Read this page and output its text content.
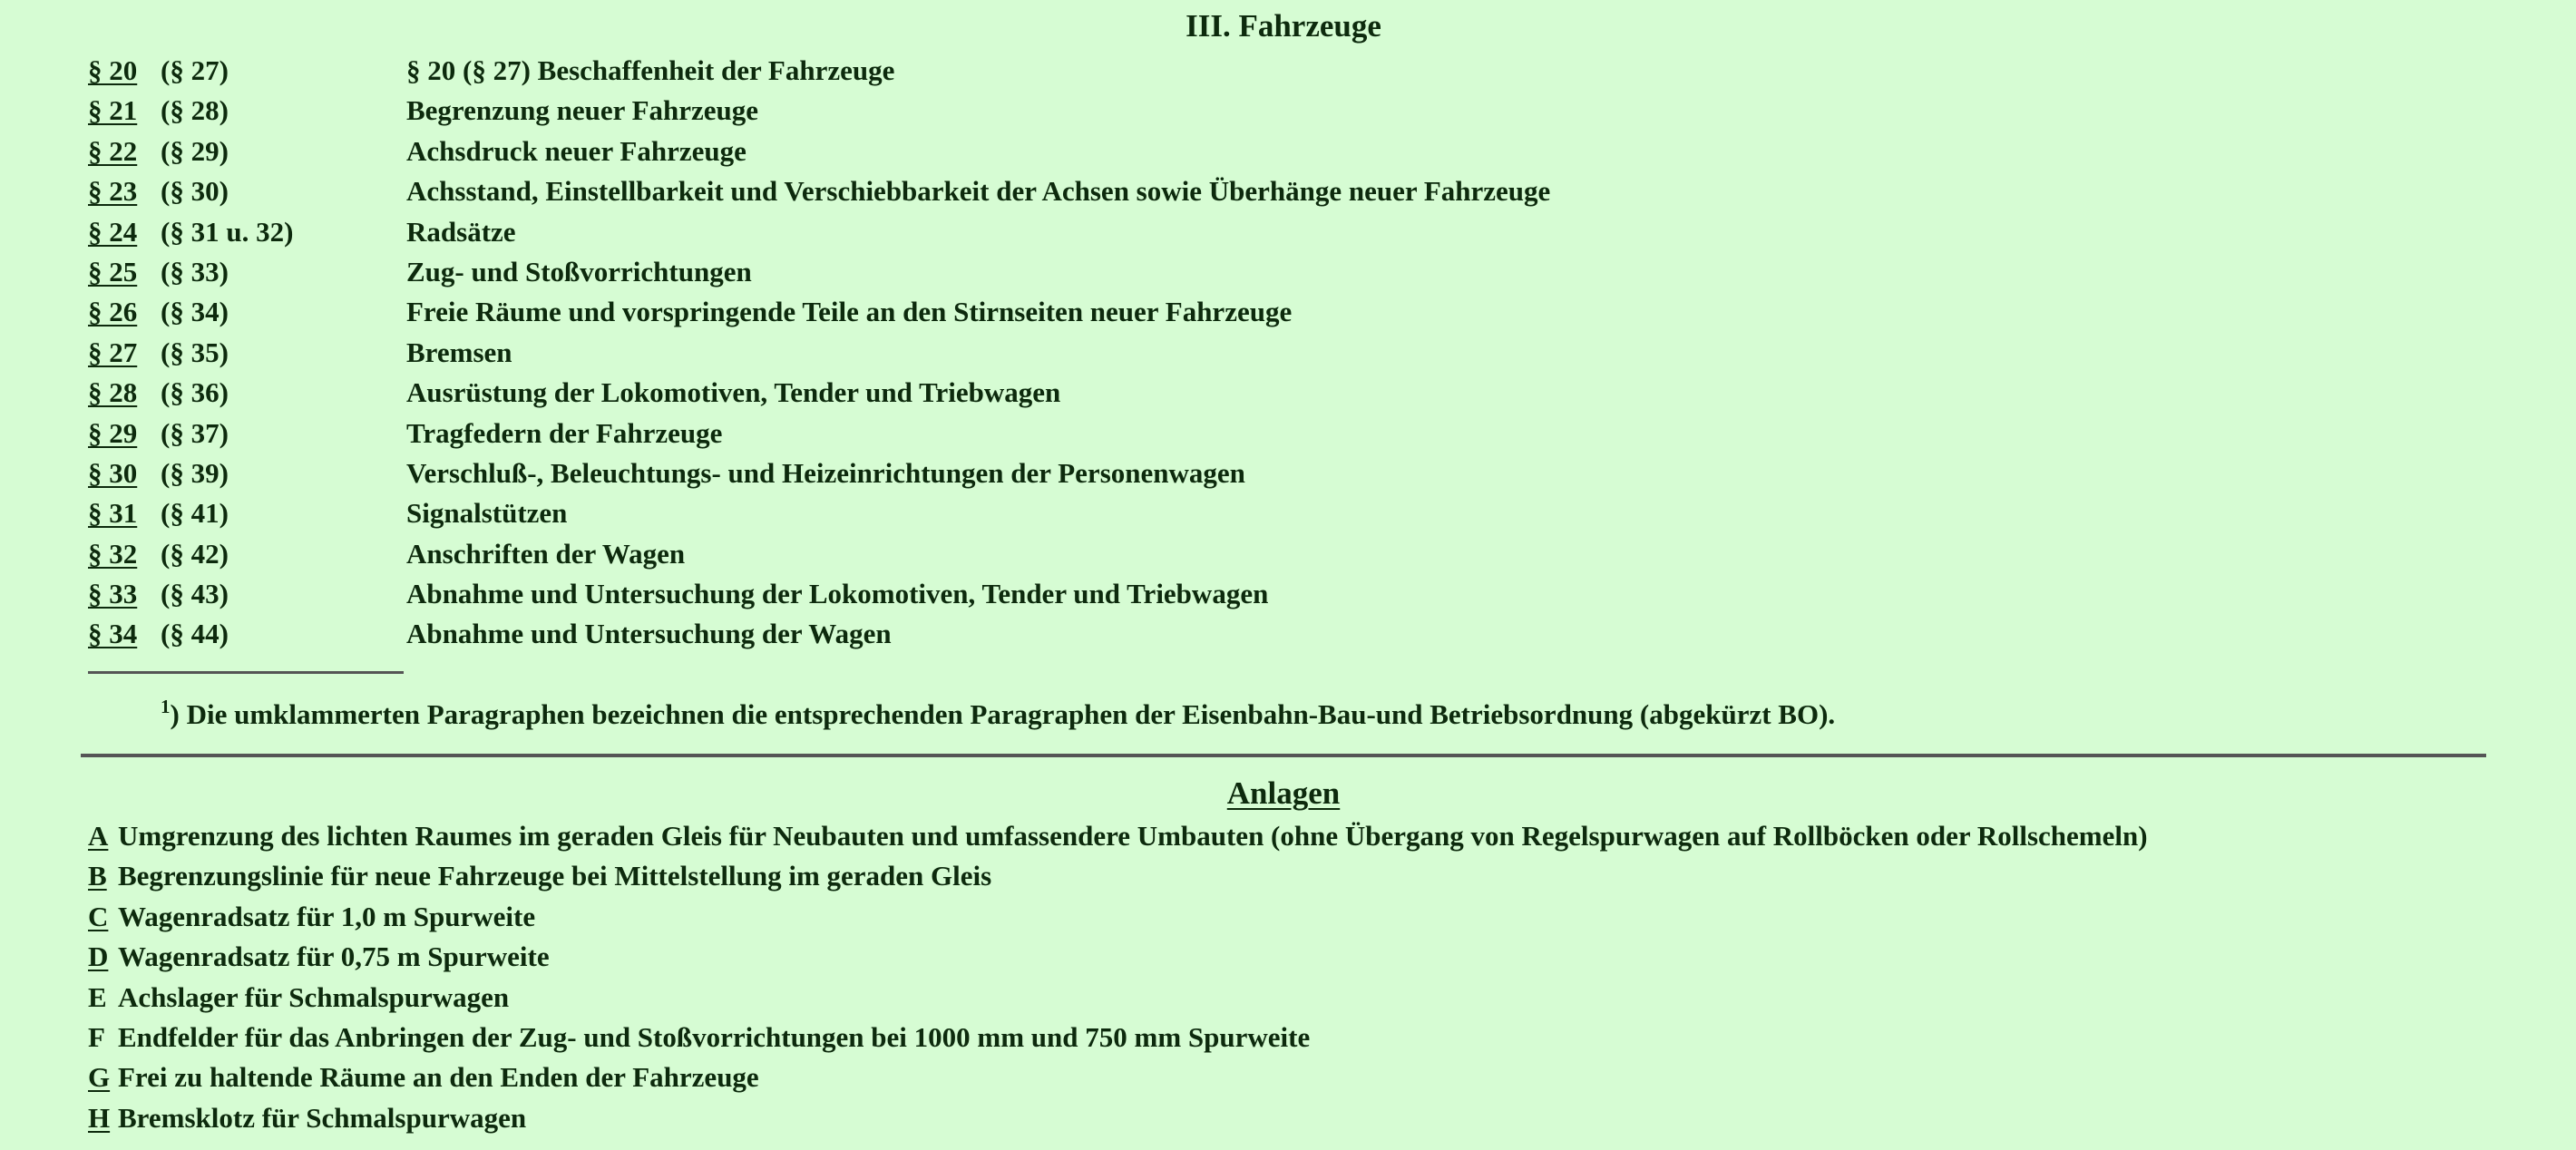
III. Fahrzeuge
§ 20 (§ 27)	§ 20 (§ 27) Beschaffenheit der Fahrzeuge
§ 21 (§ 28)	Begrenzung neuer Fahrzeuge
§ 22 (§ 29)	Achsdruck neuer Fahrzeuge
§ 23 (§ 30)	Achsstand, Einstellbarkeit und Verschiebbarkeit der Achsen sowie Überhänge neuer Fahrzeuge
§ 24 (§ 31 u. 32)	Radsätze
§ 25 (§ 33)	Zug- und Stoßvorrichtungen
§ 26 (§ 34)	Freie Räume und vorspringende Teile an den Stirnseiten neuer Fahrzeuge
§ 27 (§ 35)	Bremsen
§ 28 (§ 36)	Ausrüstung der Lokomotiven, Tender und Triebwagen
§ 29 (§ 37)	Tragfedern der Fahrzeuge
§ 30 (§ 39)	Verschluß-, Beleuchtungs- und Heizeinrichtungen der Personenwagen
§ 31 (§ 41)	Signalstützen
§ 32 (§ 42)	Anschriften der Wagen
§ 33 (§ 43)	Abnahme und Untersuchung der Lokomotiven, Tender und Triebwagen
§ 34 (§ 44)	Abnahme und Untersuchung der Wagen
$^1$) Die umklammerten Paragraphen bezeichnen die entsprechenden Paragraphen der Eisenbahn-Bau-und Betriebsordnung (abgekürzt BO).
Anlagen
A Umgrenzung des lichten Raumes im geraden Gleis für Neubauten und umfassendere Umbauten (ohne Übergang von Regelspurwagen auf Rollböcken oder Rollschemeln)
B Begrenzungslinie für neue Fahrzeuge bei Mittelstellung im geraden Gleis
C Wagenradsatz für 1,0 m Spurweite
D Wagenradsatz für 0,75 m Spurweite
E Achslager für Schmalspurwagen
F Endfelder für das Anbringen der Zug- und Stoßvorrichtungen bei 1000 mm und 750 mm Spurweite
G Frei zu haltende Räume an den Enden der Fahrzeuge
H Bremsklotz für Schmalspurwagen
